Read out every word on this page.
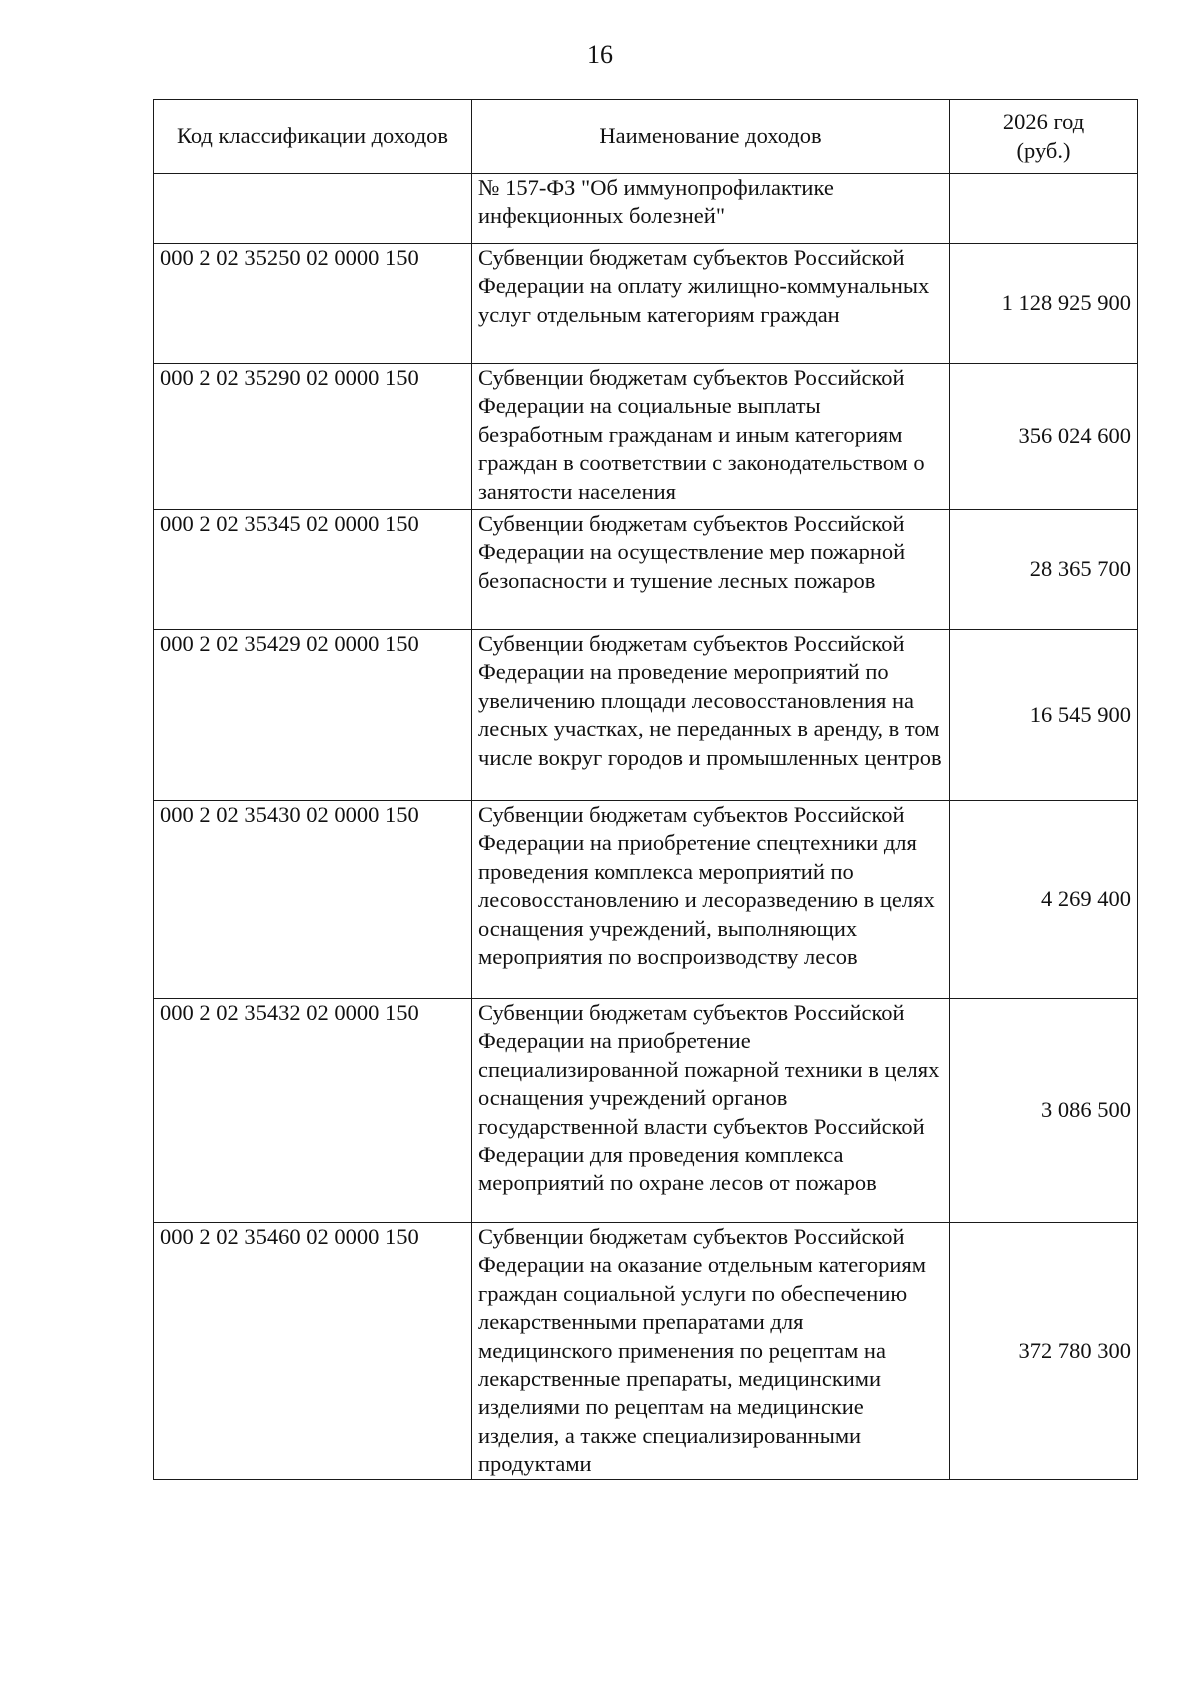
16
Код классификации доходов	Наименование доходов	2026 год
(руб.)

	№ 157-ФЗ "Об иммунопрофилактике инфекционных болезней"	
000 2 02 35250 02 0000 150	Субвенции бюджетам субъектов Российской Федерации на оплату жилищно-коммунальных услуг отдельным категориям граждан	1 128 925 900
000 2 02 35290 02 0000 150	Субвенции бюджетам субъектов Российской Федерации на социальные выплаты безработным гражданам и иным категориям граждан в соответствии с законодательством о занятости населения	356 024 600
000 2 02 35345 02 0000 150	Субвенции бюджетам субъектов Российской Федерации на осуществление мер пожарной безопасности и тушение лесных пожаров	28 365 700
000 2 02 35429 02 0000 150	Субвенции бюджетам субъектов Российской Федерации на проведение мероприятий по увеличению площади лесовосстановления на лесных участках, не переданных в аренду, в том числе вокруг городов и промышленных центров	16 545 900
000 2 02 35430 02 0000 150	Субвенции бюджетам субъектов Российской Федерации на приобретение спецтехники для проведения комплекса мероприятий по лесовосстановлению и лесоразведению в целях оснащения учреждений, выполняющих мероприятия по воспроизводству лесов	4 269 400
000 2 02 35432 02 0000 150	Субвенции бюджетам субъектов Российской Федерации на приобретение специализированной пожарной техники в целях оснащения учреждений органов государственной власти субъектов Российской Федерации для проведения комплекса мероприятий по охране лесов от пожаров	3 086 500
000 2 02 35460 02 0000 150	Субвенции бюджетам субъектов Российской Федерации на оказание отдельным категориям граждан социальной услуги по обеспечению лекарственными препаратами для медицинского применения по рецептам на лекарственные препараты, медицинскими изделиями по рецептам на медицинские изделия, а также специализированными продуктами	372 780 300
